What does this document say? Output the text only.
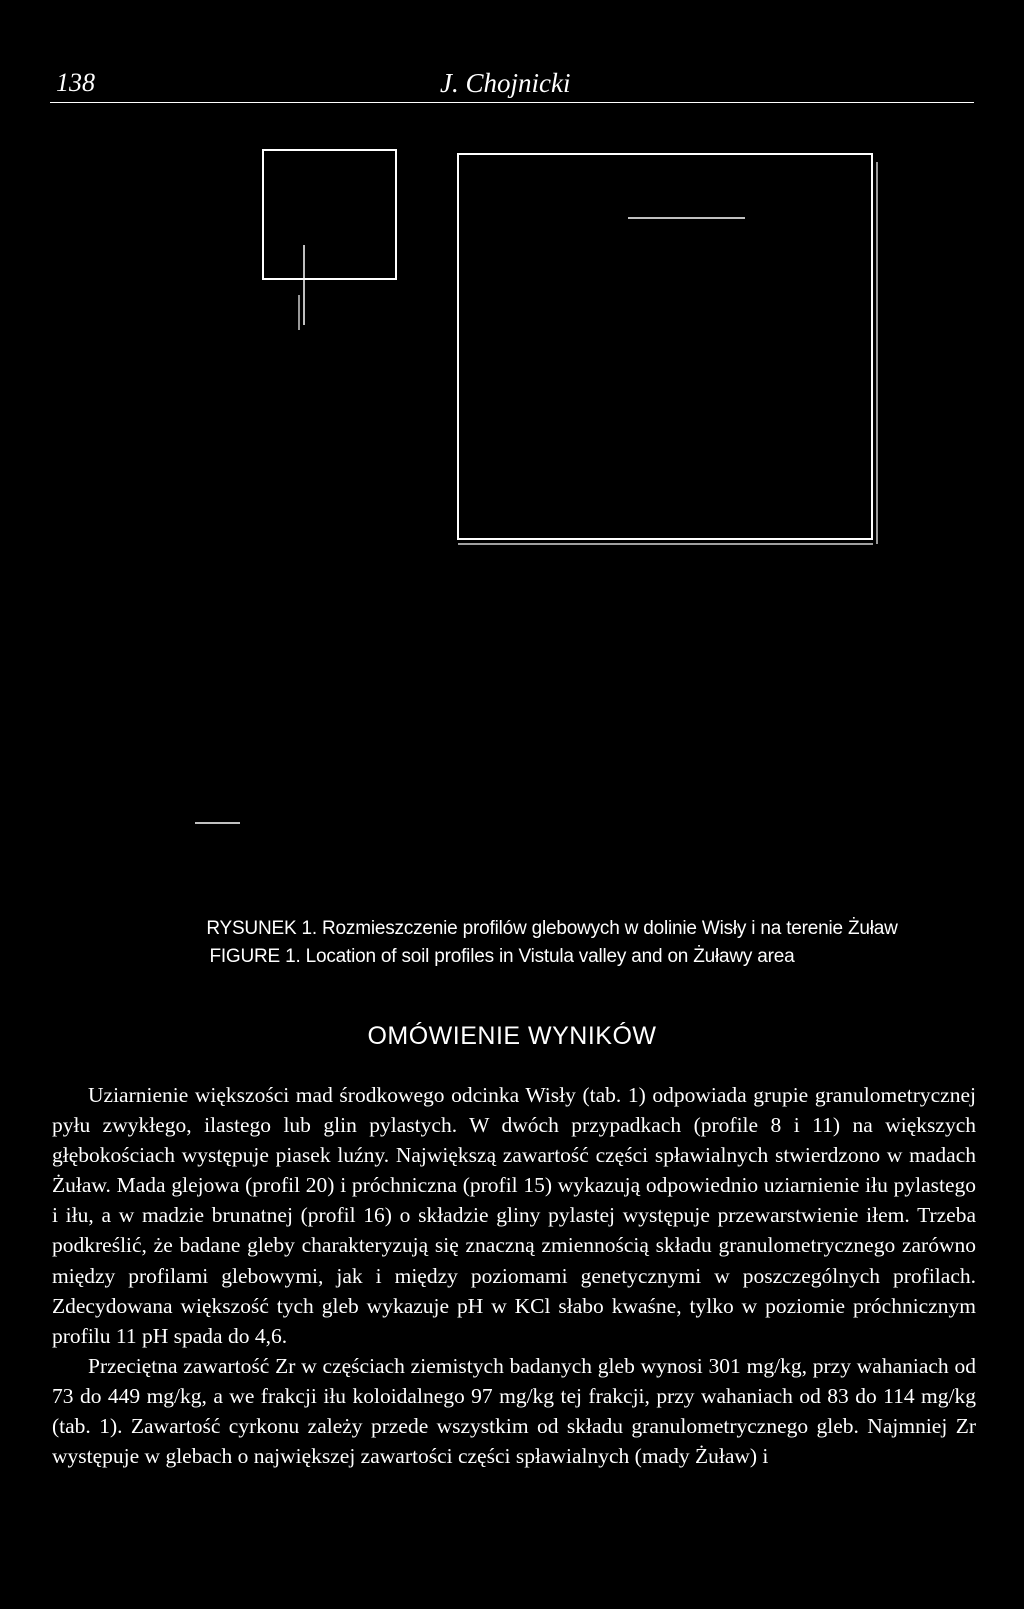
138	J. Chojnicki
RYSUNEK 1. Rozmieszczenie profilów glebowych w dolinie Wisły i na terenie Żuław
FIGURE 1. Location of soil profiles in Vistula valley and on Żuławy area
OMÓWIENIE WYNIKÓW

Uziarnienie większości mad środkowego odcinka Wisły (tab. 1) odpowiada grupie granulometrycznej pyłu zwykłego, ilastego lub glin pylastych. W dwóch przypadkach (profile 8 i 11) na większych głębokościach występuje piasek luźny. Największą zawartość części spławialnych stwierdzono w madach Żuław. Mada glejowa (profil 20) i próchniczna (profil 15) wykazują odpowiednio uziarnienie iłu pylastego i iłu, a w madzie brunatnej (profil 16) o składzie gliny pylastej występuje przewarstwienie iłem. Trzeba podkreślić, że badane gleby charakteryzują się znaczną zmiennością składu granulometrycznego zarówno między profilami glebowymi, jak i między poziomami genetycznymi w poszczególnych profilach. Zdecydowana większość tych gleb wykazuje pH w KCl słabo kwaśne, tylko w poziomie próchnicznym profilu 11 pH spada do 4,6.

Przeciętna zawartość Zr w częściach ziemistych badanych gleb wynosi 301 mg/kg, przy wahaniach od 73 do 449 mg/kg, a we frakcji iłu koloidalnego 97 mg/kg tej frakcji, przy wahaniach od 83 do 114 mg/kg (tab. 1). Zawartość cyrkonu zależy przede wszystkim od składu granulometrycznego gleb. Najmniej Zr występuje w glebach o największej zawartości części spławialnych (mady Żuław) i
